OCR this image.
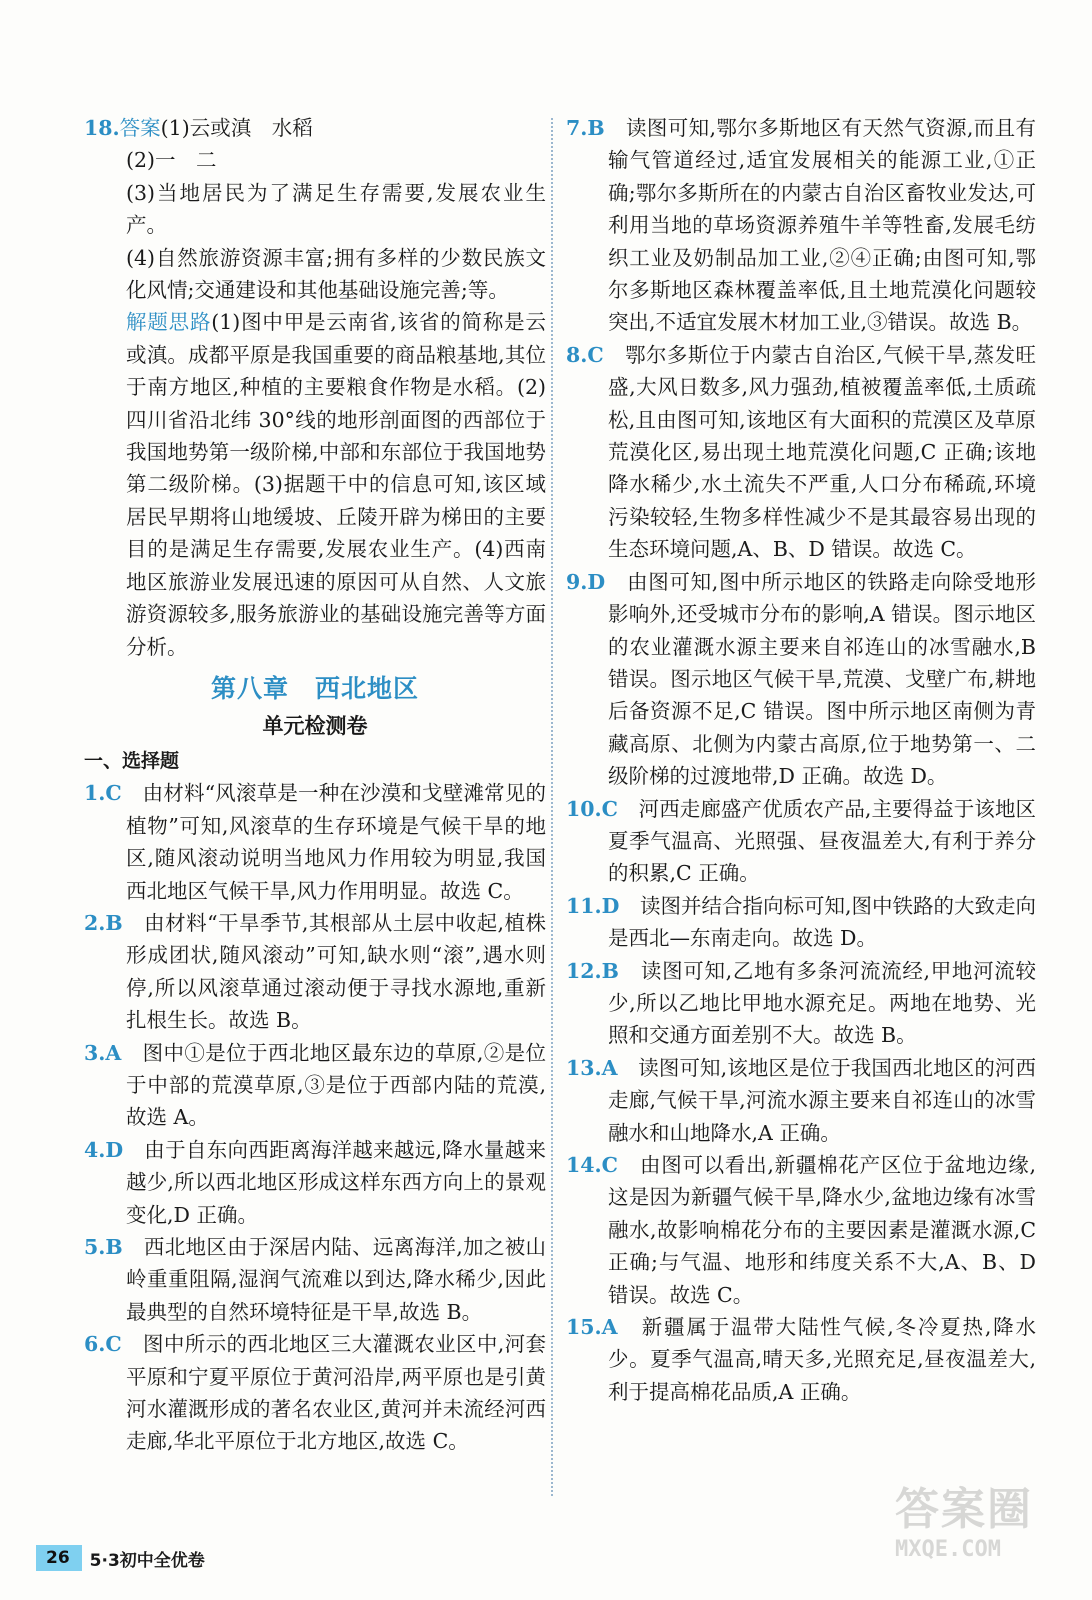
18.答案(1)云或滇　水稻

(2)一　二

(3)当地居民为了满足生存需要,发展农业生产。

(4)自然旅游资源丰富;拥有多样的少数民族文化风情;交通建设和其他基础设施完善;等。

解题思路(1)图中甲是云南省,该省的简称是云或滇。成都平原是我国重要的商品粮基地,其位于南方地区,种植的主要粮食作物是水稻。(2)四川省沿北纬 30°线的地形剖面图的西部位于我国地势第一级阶梯,中部和东部位于我国地势第二级阶梯。(3)据题干中的信息可知,该区域居民早期将山地缓坡、丘陵开辟为梯田的主要目的是满足生存需要,发展农业生产。(4)西南地区旅游业发展迅速的原因可从自然、人文旅游资源较多,服务旅游业的基础设施完善等方面分析。

第八章　西北地区
单元检测卷
一、选择题

1.C　 由材料“风滚草是一种在沙漠和戈壁滩常见的植物”可知,风滚草的生存环境是气候干旱的地区,随风滚动说明当地风力作用较为明显,我国西北地区气候干旱,风力作用明显。故选 C。

2.B　 由材料“干旱季节,其根部从土层中收起,植株形成团状,随风滚动”可知,缺水则“滚”,遇水则停,所以风滚草通过滚动便于寻找水源地,重新扎根生长。故选 B。

3.A　 图中①是位于西北地区最东边的草原,②是位于中部的荒漠草原,③是位于西部内陆的荒漠,故选 A。

4.D　 由于自东向西距离海洋越来越远,降水量越来越少,所以西北地区形成这样东西方向上的景观变化,D 正确。

5.B　 西北地区由于深居内陆、远离海洋,加之被山岭重重阻隔,湿润气流难以到达,降水稀少,因此最典型的自然环境特征是干旱,故选 B。

6.C　 图中所示的西北地区三大灌溉农业区中,河套平原和宁夏平原位于黄河沿岸,两平原也是引黄河水灌溉形成的著名农业区,黄河并未流经河西走廊,华北平原位于北方地区,故选 C。

7.B　 读图可知,鄂尔多斯地区有天然气资源,而且有输气管道经过,适宜发展相关的能源工业,①正确;鄂尔多斯所在的内蒙古自治区畜牧业发达,可利用当地的草场资源养殖牛羊等牲畜,发展毛纺织工业及奶制品加工业,②④正确;由图可知,鄂尔多斯地区森林覆盖率低,且土地荒漠化问题较突出,不适宜发展木材加工业,③错误。故选 B。

8.C　 鄂尔多斯位于内蒙古自治区,气候干旱,蒸发旺盛,大风日数多,风力强劲,植被覆盖率低,土质疏松,且由图可知,该地区有大面积的荒漠区及草原荒漠化区,易出现土地荒漠化问题,C 正确;该地降水稀少,水土流失不严重,人口分布稀疏,环境污染较轻,生物多样性减少不是其最容易出现的生态环境问题,A、B、D 错误。故选 C。

9.D　 由图可知,图中所示地区的铁路走向除受地形影响外,还受城市分布的影响,A 错误。图示地区的农业灌溉水源主要来自祁连山的冰雪融水,B 错误。图示地区气候干旱,荒漠、戈壁广布,耕地后备资源不足,C 错误。图中所示地区南侧为青藏高原、北侧为内蒙古高原,位于地势第一、二级阶梯的过渡地带,D 正确。故选 D。

10.C　 河西走廊盛产优质农产品,主要得益于该地区夏季气温高、光照强、昼夜温差大,有利于养分的积累,C 正确。

11.D　 读图并结合指向标可知,图中铁路的大致走向是西北—东南走向。故选 D。

12.B　 读图可知,乙地有多条河流流经,甲地河流较少,所以乙地比甲地水源充足。两地在地势、光照和交通方面差别不大。故选 B。

13.A　 读图可知,该地区是位于我国西北地区的河西走廊,气候干旱,河流水源主要来自祁连山的冰雪融水和山地降水,A 正确。

14.C　 由图可以看出,新疆棉花产区位于盆地边缘,这是因为新疆气候干旱,降水少,盆地边缘有冰雪融水,故影响棉花分布的主要因素是灌溉水源,C 正确;与气温、地形和纬度关系不大,A、B、D 错误。故选 C。

15.A　 新疆属于温带大陆性气候,冬冷夏热,降水少。夏季气温高,晴天多,光照充足,昼夜温差大,利于提高棉花品质,A 正确。

26	5·3初中全优卷
答案圈
MXQE.COM
